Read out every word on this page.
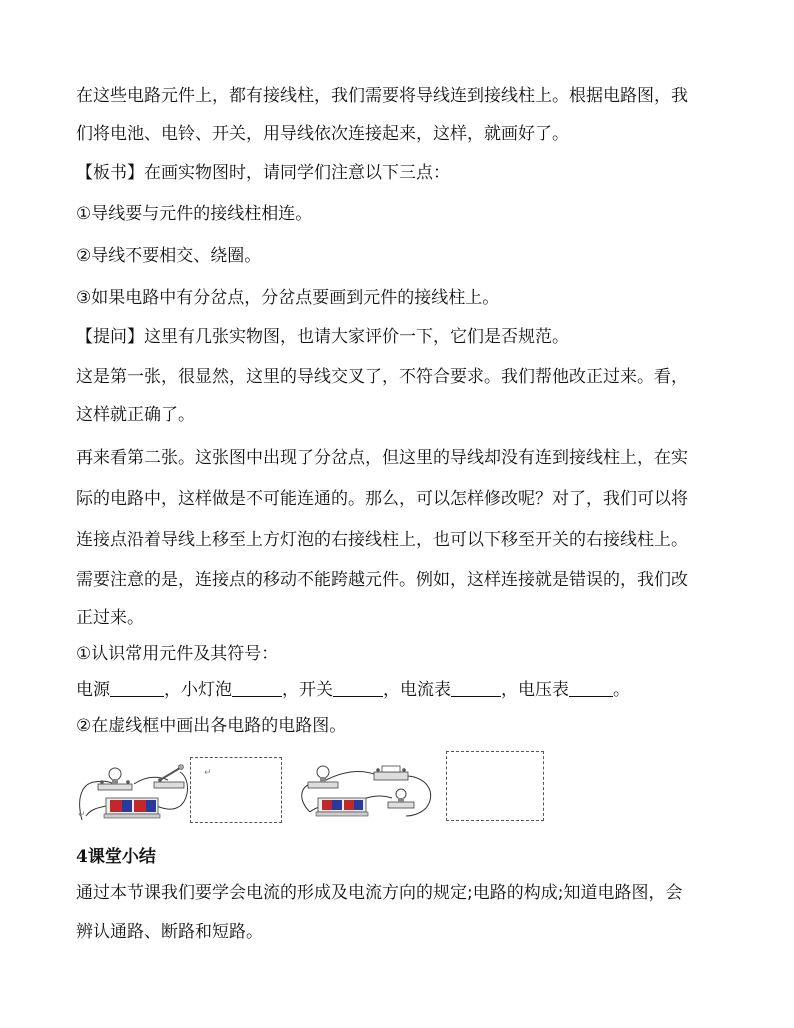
在这些电路元件上，都有接线柱，我们需要将导线连到接线柱上。根据电路图，我
们将电池、电铃、开关，用导线依次连接起来，这样，就画好了。
【板书】在画实物图时，请同学们注意以下三点：
①导线要与元件的接线柱相连。
②导线不要相交、绕圈。
③如果电路中有分岔点，分岔点要画到元件的接线柱上。
【提问】这里有几张实物图，也请大家评价一下，它们是否规范。
这是第一张，很显然，这里的导线交叉了，不符合要求。我们帮他改正过来。看，
这样就正确了。
再来看第二张。这张图中出现了分岔点，但这里的导线却没有连到接线柱上，在实
际的电路中，这样做是不可能连通的。那么，可以怎样修改呢？对了，我们可以将
连接点沿着导线上移至上方灯泡的右接线柱上，也可以下移至开关的右接线柱上。
需要注意的是，连接点的移动不能跨越元件。例如，这样连接就是错误的，我们改
正过来。
①认识常用元件及其符号：
电源	，小灯泡	，开关	，电流表	，电压表	。
②在虚线框中画出各电路的电路图。
↵
↵
4课堂小结
通过本节课我们要学会电流的形成及电流方向的规定;电路的构成;知道电路图，会
辨认通路、断路和短路。
